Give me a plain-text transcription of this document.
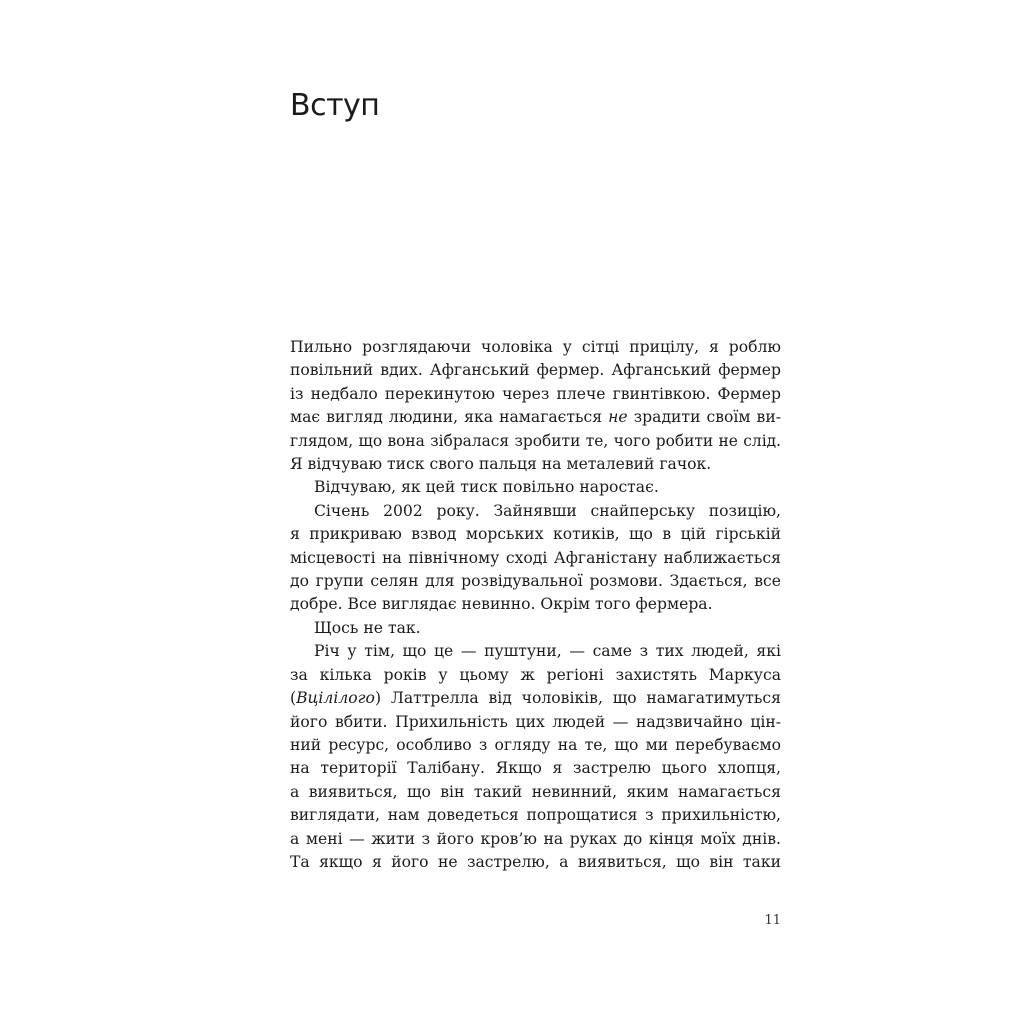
Вступ
Пильно розглядаючи чоловіка у сітці прицілу, я роблю
повільний вдих. Афганський фермер. Афганський фермер
із недбало перекинутою через плече гвинтівкою. Фермер
має вигляд людини, яка намагається не зрадити своїм ви-
глядом, що вона зібралася зробити те, чого робити не слід.
Я відчуваю тиск свого пальця на металевий гачок.
Відчуваю, як цей тиск повільно наростає.
Січень 2002 року. Зайнявши снайперську позицію,
я прикриваю взвод морських котиків, що в цій гірській
місцевості на північному сході Афганістану наближається
до групи селян для розвідувальної розмови. Здається, все
добре. Все виглядає невинно. Окрім того фермера.
Щось не так.
Річ у тім, що це — пуштуни, — саме з тих людей, які
за кілька років у цьому ж регіоні захистять Маркуса
(Вцілілого) Латтрелла від чоловіків, що намагатимуться
його вбити. Прихильність цих людей — надзвичайно цін-
ний ресурс, особливо з огляду на те, що ми перебуваємо
на території Талібану. Якщо я застрелю цього хлопця,
а виявиться, що він такий невинний, яким намагається
виглядати, нам доведеться попрощатися з прихильністю,
а мені — жити з його кров’ю на руках до кінця моїх днів.
Та якщо я його не застрелю, а виявиться, що він таки
11
